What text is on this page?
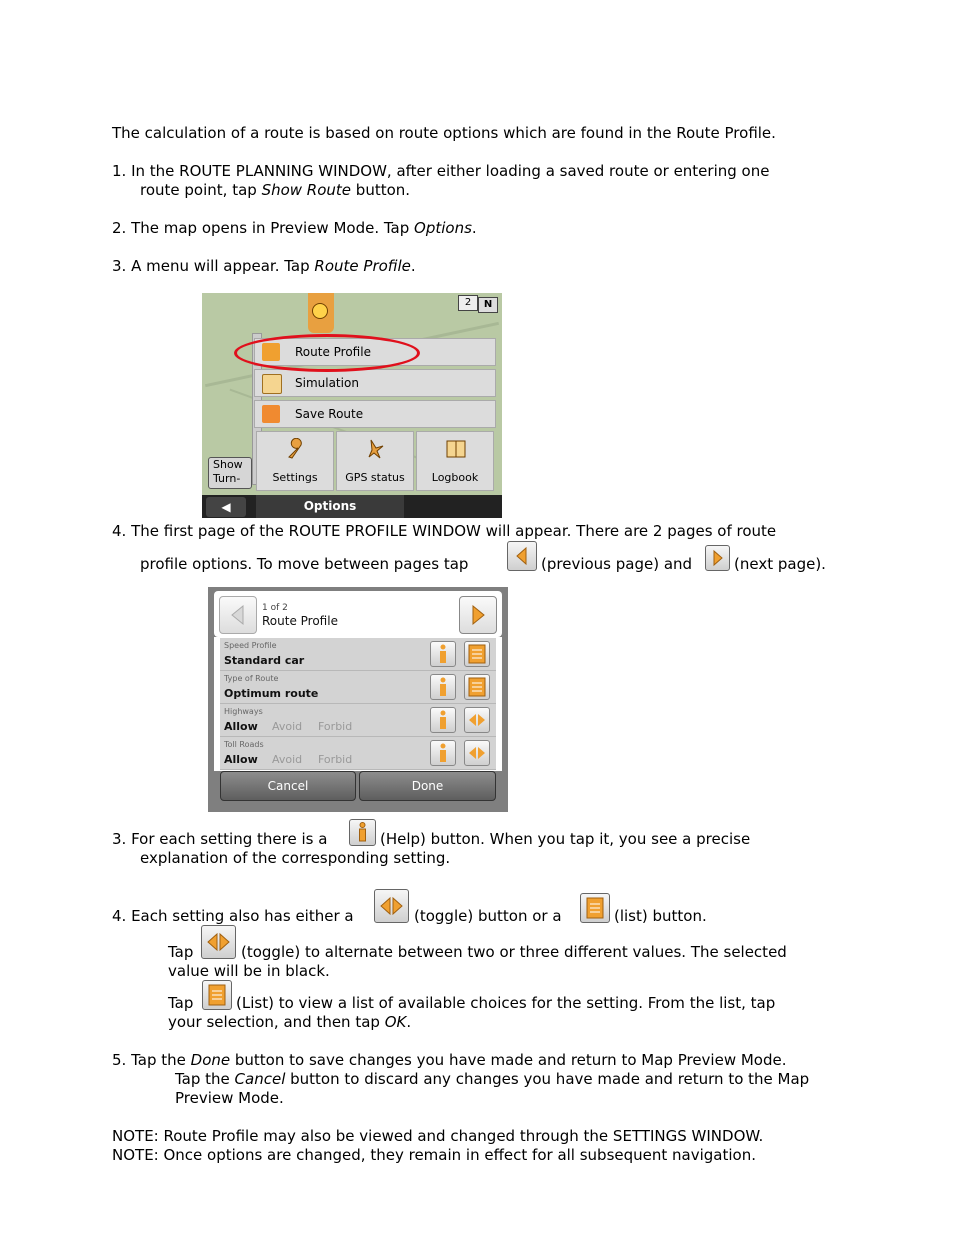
The calculation of a route is based on route options which are found in the Route Profile.
1. In the ROUTE PLANNING WINDOW, after either loading a saved route or entering one
route point, tap Show Route button.
2. The map opens in Preview Mode. Tap Options.
3. A menu will appear. Tap Route Profile.
2	N
Route Profile
Simulation
Save Route
Settings	GPS status	Logbook
Show
Turn-
◀	Options
4. The first page of the ROUTE PROFILE WINDOW will appear. There are 2 pages of route
profile options. To move between pages tap	(previous page) and	(next page).
1 of 2
Route Profile
Speed Profile
Standard car
Type of Route
Optimum route
Highways
Allow Avoid Forbid
Toll Roads
Allow Avoid Forbid
Cancel	Done
3. For each setting there is a	(Help) button. When you tap it, you see a precise
explanation of the corresponding setting.
4. Each setting also has either a	(toggle) button or a	(list) button.
Tap	(toggle) to alternate between two or three different values. The selected
value will be in black.
Tap	(List) to view a list of available choices for the setting. From the list, tap
your selection, and then tap OK.
5. Tap the Done button to save changes you have made and return to Map Preview Mode.
Tap the Cancel button to discard any changes you have made and return to the Map
Preview Mode.
NOTE: Route Profile may also be viewed and changed through the SETTINGS WINDOW.
NOTE: Once options are changed, they remain in effect for all subsequent navigation.
